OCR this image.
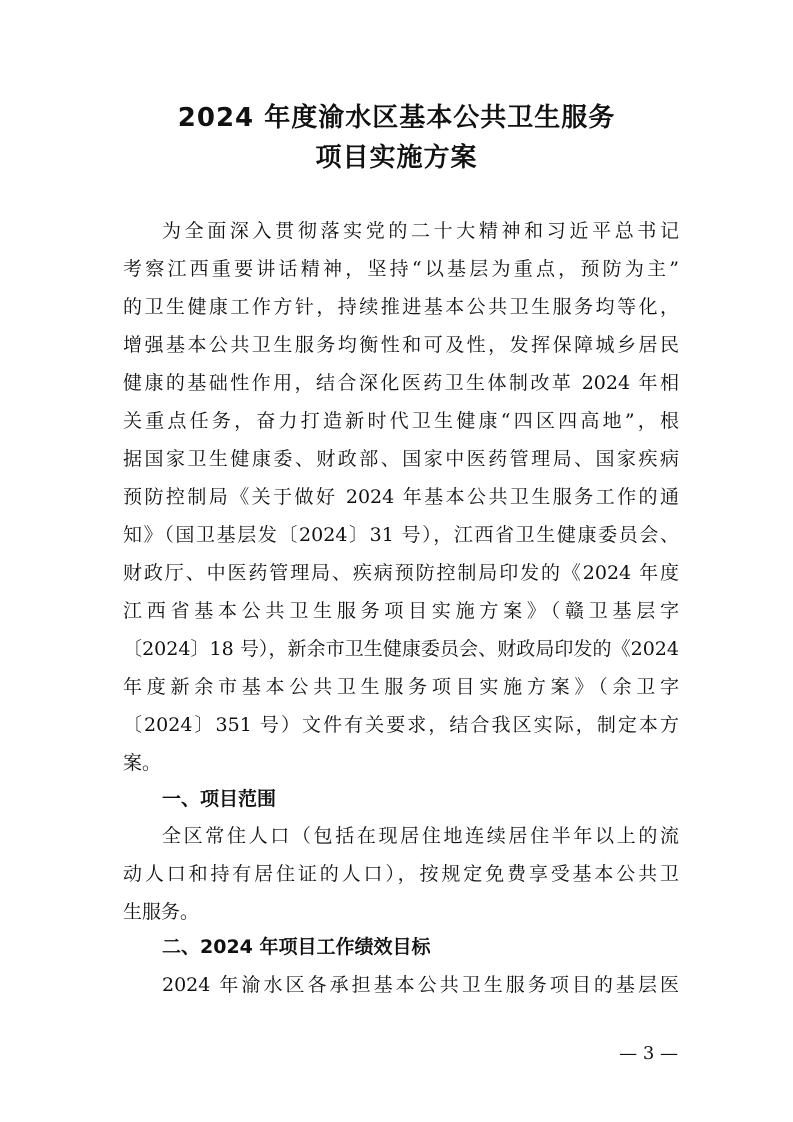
2024 年度渝水区基本公共卫生服务
项目实施方案
为全面深入贯彻落实党的二十大精神和习近平总书记
考察江西重要讲话精神，坚持“以基层为重点，预防为主”
的卫生健康工作方针，持续推进基本公共卫生服务均等化，
增强基本公共卫生服务均衡性和可及性，发挥保障城乡居民
健康的基础性作用，结合深化医药卫生体制改革 2024 年相
关重点任务，奋力打造新时代卫生健康“四区四高地”，根
据国家卫生健康委、财政部、国家中医药管理局、国家疾病
预防控制局《关于做好 2024 年基本公共卫生服务工作的通
知》（国卫基层发〔2024〕31 号），江西省卫生健康委员会、
财政厅、中医药管理局、疾病预防控制局印发的《2024 年度
江西省基本公共卫生服务项目实施方案》（赣卫基层字
〔2024〕18 号），新余市卫生健康委员会、财政局印发的《2024
年度新余市基本公共卫生服务项目实施方案》（余卫字
〔2024〕351 号）文件有关要求，结合我区实际，制定本方
案。
一、项目范围
全区常住人口（包括在现居住地连续居住半年以上的流
动人口和持有居住证的人口），按规定免费享受基本公共卫
生服务。
二、2024 年项目工作绩效目标
2024 年渝水区各承担基本公共卫生服务项目的基层医
— 3 —
